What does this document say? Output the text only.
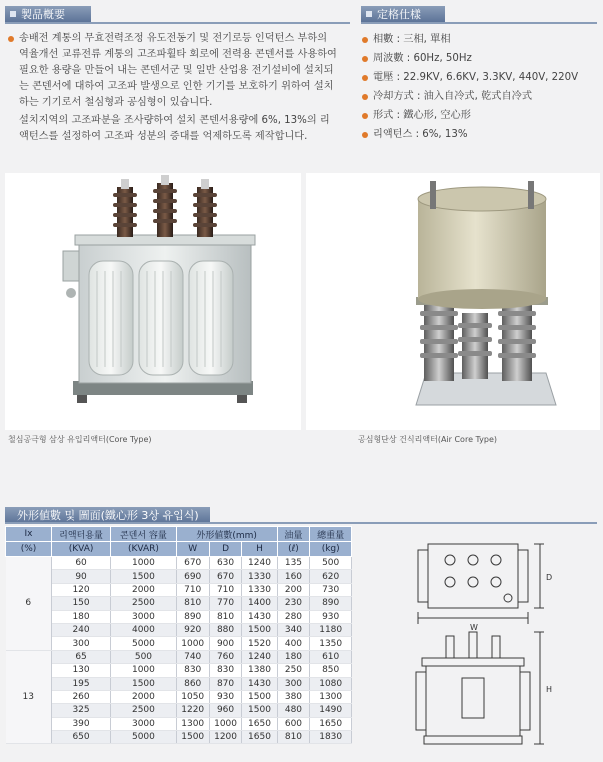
製品槪要

송배전 계통의 무효전력조정 유도전동기 및 전기로등 인덕턴스 부하의 역율개선 교류전류 계통의 고조파휠타 회로에 전력용 콘덴서를 사용하여 필요한 용량을 만들어 내는 콘덴서군 및 일반 산업용 전기설비에 설치되는 콘덴서에 대하여 고조파 발생으로 인한 기기를 보호하기 위하여 설치하는 기기로서 철심형과 공심형이 있습니다.

설치지역의 고조파분을 조사량하여 설치 콘덴서용량에 6%, 13%의 리액턴스를 설정하여 고조파 성분의 증대를 억제하도록 제작합니다.

定格仕樣
相數 : 三相, 單相
周波數 : 60Hz, 50Hz
電壓 : 22.9KV, 6.6KV, 3.3KV, 440V, 220V
冷却方式 : 油入自冷式, 乾式自冷式
形式 : 鐵心形, 空心形
리액턴스 : 6%, 13%
철심공극형 삼상 유입리액터(Core Type)	공심형단상 건식리액터(Air Core Type)
外形値數 및 圖面(鐵心形 3상 유입식)
Ix	리액터용量	콘덴서 容量	外形値數(mm)			油量	總重量
(%)	(KVA)	(KVAR)	W	D	H	(ℓ)	(kg)
6	60	1000	670	630	1240	135	500
	90	1500	690	670	1330	160	620
	120	2000	710	710	1330	200	730
	150	2500	810	770	1400	230	890
	180	3000	890	810	1430	280	930
	240	4000	920	880	1500	340	1180
	300	5000	1000	900	1520	400	1350
13	65	500	740	760	1240	180	610
	130	1000	830	830	1380	250	850
	195	1500	860	870	1430	300	1080
	260	2000	1050	930	1500	380	1300
	325	2500	1220	960	1500	480	1490
	390	3000	1300	1000	1650	600	1650
	650	5000	1500	1200	1650	810	1830
W
D
H
